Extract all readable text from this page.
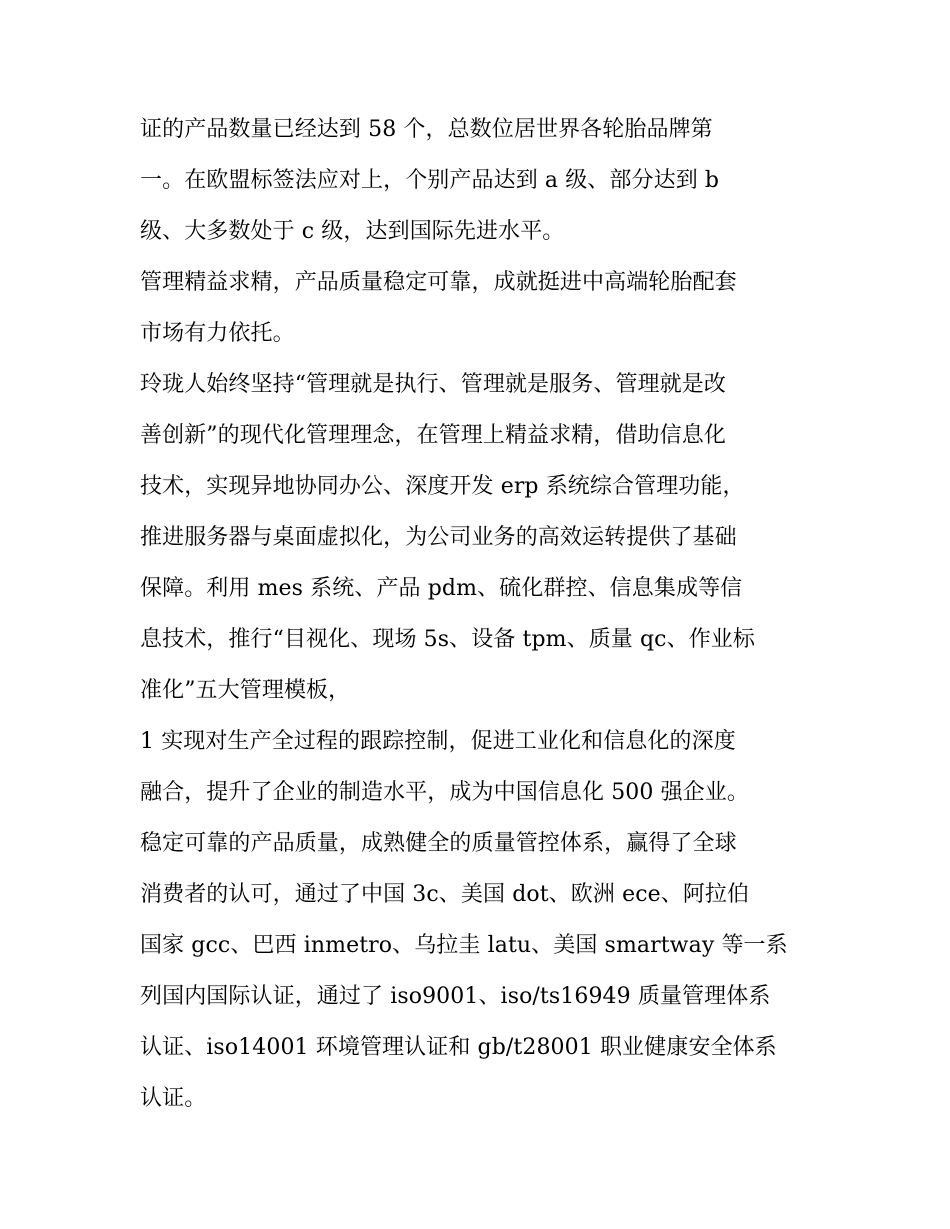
证的产品数量已经达到 58 个，总数位居世界各轮胎品牌第
一。在欧盟标签法应对上，个别产品达到 a 级、部分达到 b
级、大多数处于 c 级，达到国际先进水平。
管理精益求精，产品质量稳定可靠，成就挺进中高端轮胎配套
市场有力依托。
玲珑人始终坚持“管理就是执行、管理就是服务、管理就是改
善创新”的现代化管理理念，在管理上精益求精，借助信息化
技术，实现异地协同办公、深度开发 erp 系统综合管理功能，
推进服务器与桌面虚拟化，为公司业务的高效运转提供了基础
保障。利用 mes 系统、产品 pdm、硫化群控、信息集成等信
息技术，推行“目视化、现场 5s、设备 tpm、质量 qc、作业标
准化”五大管理模板，
1 实现对生产全过程的跟踪控制，促进工业化和信息化的深度
融合，提升了企业的制造水平，成为中国信息化 500 强企业。
稳定可靠的产品质量，成熟健全的质量管控体系，赢得了全球
消费者的认可，通过了中国 3c、美国 dot、欧洲 ece、阿拉伯
国家 gcc、巴西 inmetro、乌拉圭 latu、美国 smartway 等一系
列国内国际认证，通过了 iso9001、iso/ts16949 质量管理体系
认证、iso14001 环境管理认证和 gb/t28001 职业健康安全体系
认证。
